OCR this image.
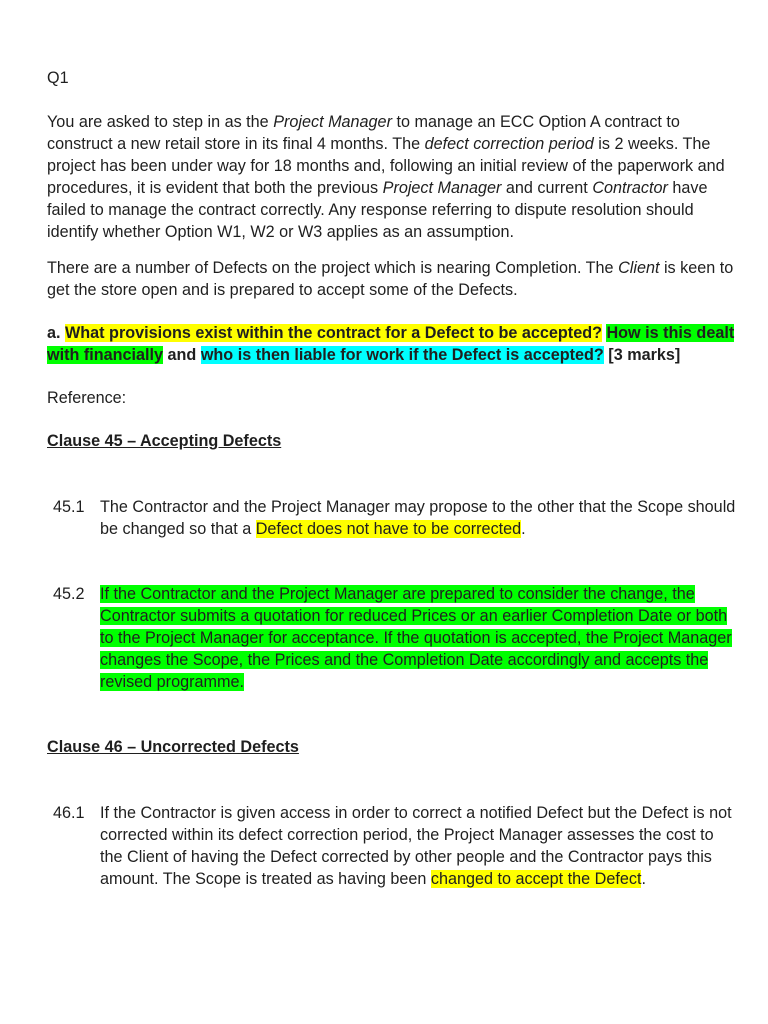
Q1

You are asked to step in as the Project Manager to manage an ECC Option A contract to construct a new retail store in its final 4 months. The defect correction period is 2 weeks. The project has been under way for 18 months and, following an initial review of the paperwork and procedures, it is evident that both the previous Project Manager and current Contractor have failed to manage the contract correctly. Any response referring to dispute resolution should identify whether Option W1, W2 or W3 applies as an assumption.

There are a number of Defects on the project which is nearing Completion. The Client is keen to get the store open and is prepared to accept some of the Defects.

a. What provisions exist within the contract for a Defect to be accepted? How is this dealt with financially and who is then liable for work if the Defect is accepted? [3 marks]

Reference:

Clause 45 – Accepting Defects

45.1 The Contractor and the Project Manager may propose to the other that the Scope should be changed so that a Defect does not have to be corrected.

45.2 If the Contractor and the Project Manager are prepared to consider the change, the Contractor submits a quotation for reduced Prices or an earlier Completion Date or both to the Project Manager for acceptance. If the quotation is accepted, the Project Manager changes the Scope, the Prices and the Completion Date accordingly and accepts the revised programme.

Clause 46 – Uncorrected Defects

46.1 If the Contractor is given access in order to correct a notified Defect but the Defect is not corrected within its defect correction period, the Project Manager assesses the cost to the Client of having the Defect corrected by other people and the Contractor pays this amount. The Scope is treated as having been changed to accept the Defect.
